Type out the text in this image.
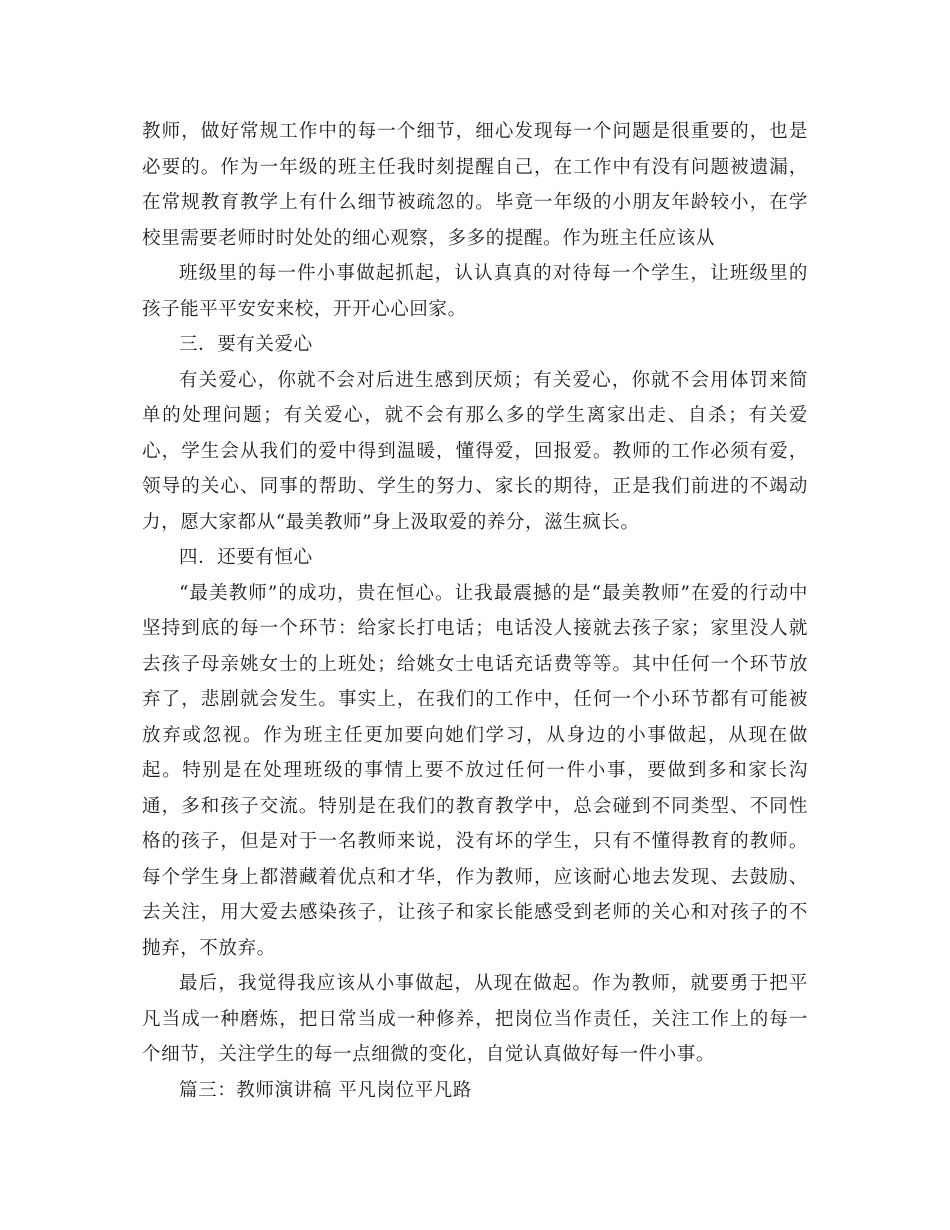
教师，做好常规工作中的每一个细节，细心发现每一个问题是很重要的，也是必要的。作为一年级的班主任我时刻提醒自己，在工作中有没有问题被遗漏，在常规教育教学上有什么细节被疏忽的。毕竟一年级的小朋友年龄较小，在学校里需要老师时时处处的细心观察，多多的提醒。作为班主任应该从

班级里的每一件小事做起抓起，认认真真的对待每一个学生，让班级里的孩子能平平安安来校，开开心心回家。

三．要有关爱心

有关爱心，你就不会对后进生感到厌烦；有关爱心，你就不会用体罚来简单的处理问题；有关爱心，就不会有那么多的学生离家出走、自杀；有关爱心，学生会从我们的爱中得到温暖，懂得爱，回报爱。教师的工作必须有爱，领导的关心、同事的帮助、学生的努力、家长的期待，正是我们前进的不竭动力，愿大家都从“最美教师”身上汲取爱的养分，滋生疯长。

四．还要有恒心

“最美教师”的成功，贵在恒心。让我最震撼的是“最美教师”在爱的行动中坚持到底的每一个环节：给家长打电话；电话没人接就去孩子家；家里没人就去孩子母亲姚女士的上班处；给姚女士电话充话费等等。其中任何一个环节放弃了，悲剧就会发生。事实上，在我们的工作中，任何一个小环节都有可能被放弃或忽视。作为班主任更加要向她们学习，从身边的小事做起，从现在做起。特别是在处理班级的事情上要不放过任何一件小事，要做到多和家长沟通，多和孩子交流。特别是在我们的教育教学中，总会碰到不同类型、不同性格的孩子，但是对于一名教师来说，没有坏的学生，只有不懂得教育的教师。每个学生身上都潜藏着优点和才华，作为教师，应该耐心地去发现、去鼓励、去关注，用大爱去感染孩子，让孩子和家长能感受到老师的关心和对孩子的不抛弃，不放弃。

最后，我觉得我应该从小事做起，从现在做起。作为教师，就要勇于把平凡当成一种磨炼，把日常当成一种修养，把岗位当作责任，关注工作上的每一个细节，关注学生的每一点细微的变化，自觉认真做好每一件小事。

篇三：教师演讲稿 平凡岗位平凡路
